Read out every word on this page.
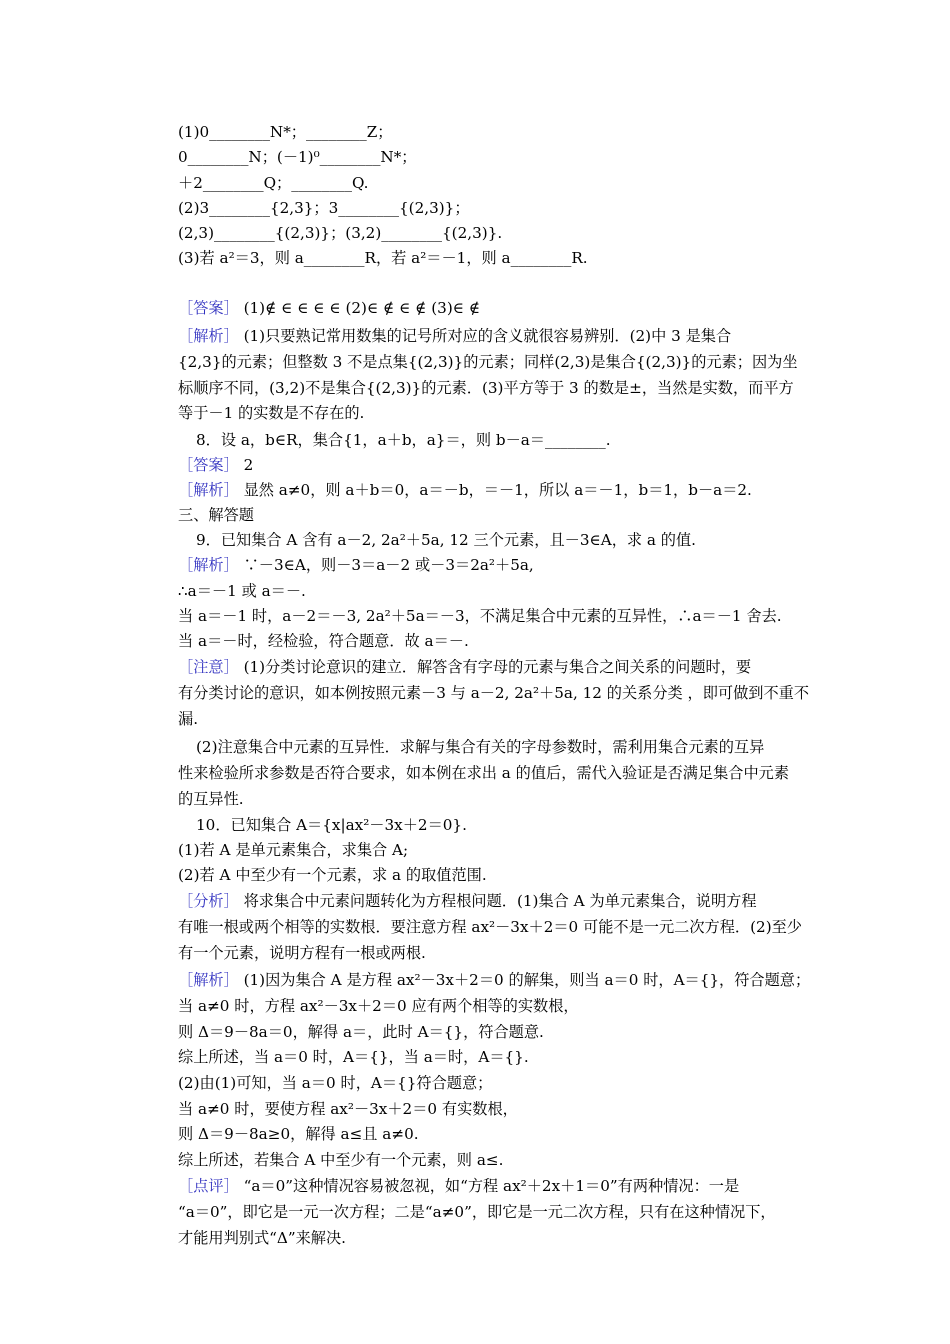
(1)0________N*；________Z；
0________N；(－1)⁰________N*；
＋2________Q；________Q.
(2)3________{2,3}；3________{(2,3)}；
(2,3)________{(2,3)}；(3,2)________{(2,3)}.
(3)若 a²＝3，则 a________R，若 a²＝－1，则 a________R.
［答案］ (1)∉ ∈ ∈ ∈ ∈ (2)∈ ∉ ∈ ∉ (3)∈ ∉
［解析］ (1)只要熟记常用数集的记号所对应的含义就很容易辨别．(2)中 3 是集合
{2,3}的元素；但整数 3 不是点集{(2,3)}的元素；同样(2,3)是集合{(2,3)}的元素；因为坐
标顺序不同，(3,2)不是集合{(2,3)}的元素．(3)平方等于 3 的数是±，当然是实数，而平方
等于－1 的实数是不存在的.
8．设 a，b∈R，集合{1，a＋b，a}＝，则 b－a＝________.
［答案］ 2
［解析］ 显然 a≠0，则 a＋b＝0，a＝－b，＝－1，所以 a＝－1，b＝1，b－a＝2.
三、解答题
9．已知集合 A 含有 a－2, 2a²＋5a, 12 三个元素，且－3∈A，求 a 的值.
［解析］ ∵－3∈A，则－3＝a－2 或－3＝2a²＋5a,
∴a＝－1 或 a＝－.
当 a＝－1 时，a－2＝－3, 2a²＋5a＝－3，不满足集合中元素的互异性，∴a＝－1 舍去.
当 a＝－时，经检验，符合题意．故 a＝－.
［注意］ (1)分类讨论意识的建立．解答含有字母的元素与集合之间关系的问题时，要
有分类讨论的意识，如本例按照元素－3 与 a－2, 2a²＋5a, 12 的关系分类 ，即可做到不重不
漏.
(2)注意集合中元素的互异性．求解与集合有关的字母参数时，需利用集合元素的互异
性来检验所求参数是否符合要求，如本例在求出 a 的值后，需代入验证是否满足集合中元素
的互异性.
10．已知集合 A＝{x|ax²－3x＋2＝0}.
(1)若 A 是单元素集合，求集合 A;
(2)若 A 中至少有一个元素，求 a 的取值范围.
［分析］ 将求集合中元素问题转化为方程根问题．(1)集合 A 为单元素集合，说明方程
有唯一根或两个相等的实数根．要注意方程 ax²－3x＋2＝0 可能不是一元二次方程．(2)至少
有一个元素，说明方程有一根或两根.
［解析］ (1)因为集合 A 是方程 ax²－3x＋2＝0 的解集，则当 a＝0 时，A＝{}，符合题意；
当 a≠0 时，方程 ax²－3x＋2＝0 应有两个相等的实数根，
则 Δ＝9－8a＝0，解得 a＝，此时 A＝{}，符合题意.
综上所述，当 a＝0 时，A＝{}，当 a＝时，A＝{}.
(2)由(1)可知，当 a＝0 时，A＝{}符合题意；
当 a≠0 时，要使方程 ax²－3x＋2＝0 有实数根，
则 Δ＝9－8a≥0，解得 a≤且 a≠0.
综上所述，若集合 A 中至少有一个元素，则 a≤.
［点评］ “a＝0”这种情况容易被忽视，如“方程 ax²＋2x＋1＝0”有两种情况：一是
“a＝0”，即它是一元一次方程；二是“a≠0”，即它是一元二次方程，只有在这种情况下，
才能用判别式“Δ”来解决.
